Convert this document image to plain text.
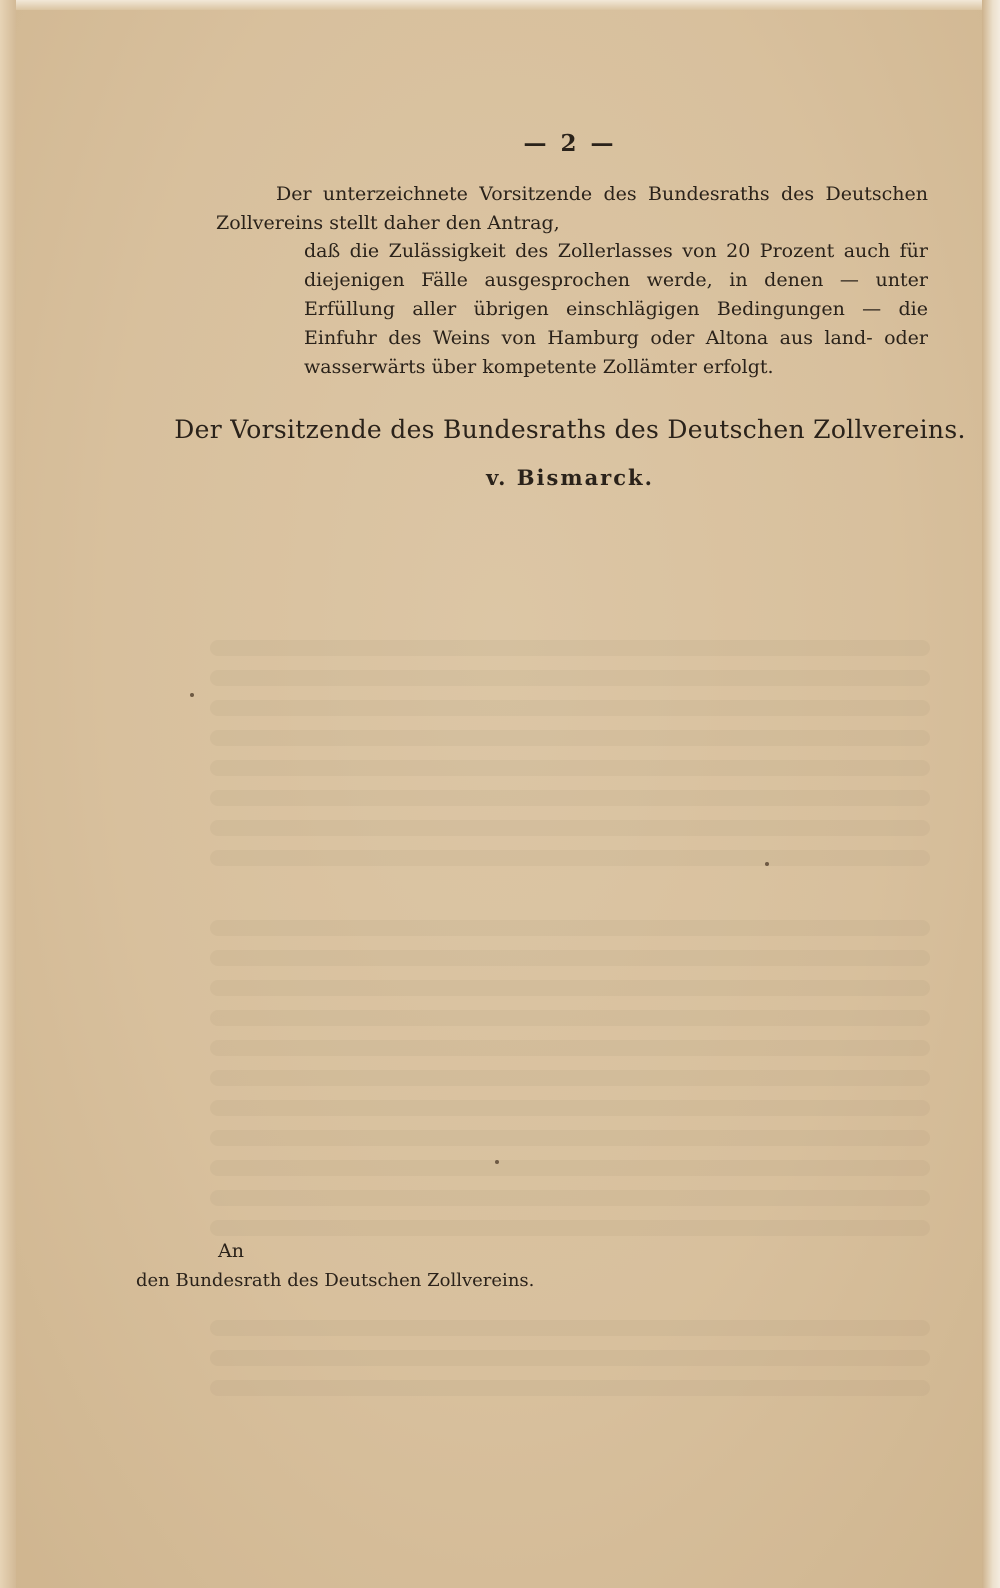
— 2 —
Der unterzeichnete Vorsitzende des Bundesraths des Deutschen Zollvereins stellt daher den Antrag,
daß die Zulässigkeit des Zollerlasses von 20 Prozent auch für diejenigen Fälle ausgesprochen werde, in denen — unter Erfüllung aller übrigen einschlägigen Bedingungen — die Einfuhr des Weins von Hamburg oder Altona aus land- oder wasserwärts über kompetente Zollämter erfolgt.
Der Vorsitzende des Bundesraths des Deutschen Zollvereins.
v. Bismarck.
An
den Bundesrath des Deutschen Zollvereins.
